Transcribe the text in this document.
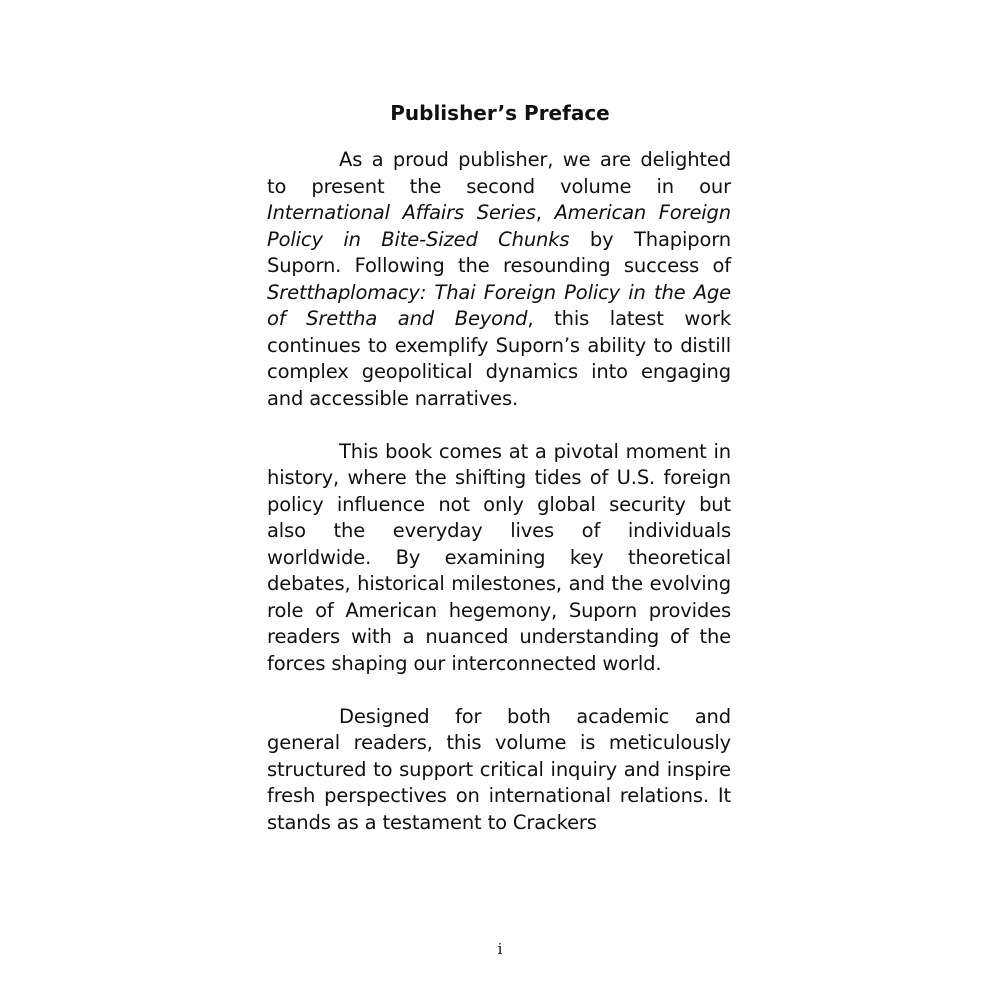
Publisher’s Preface

As a proud publisher, we are delighted to present the second volume in our International Affairs Series, American Foreign Policy in Bite-Sized Chunks by Thapiporn Suporn. Following the resounding success of Sretthaplomacy: Thai Foreign Policy in the Age of Srettha and Beyond, this latest work continues to exemplify Suporn’s ability to distill complex geopolitical dynamics into engaging and accessible narratives.

This book comes at a pivotal moment in history, where the shifting tides of U.S. foreign policy influence not only global security but also the everyday lives of individuals worldwide. By examining key theoretical debates, historical milestones, and the evolving role of American hegemony, Suporn provides readers with a nuanced understanding of the forces shaping our interconnected world.

Designed for both academic and general readers, this volume is meticulously structured to support critical inquiry and inspire fresh perspectives on international relations. It stands as a testament to Crackers

i
